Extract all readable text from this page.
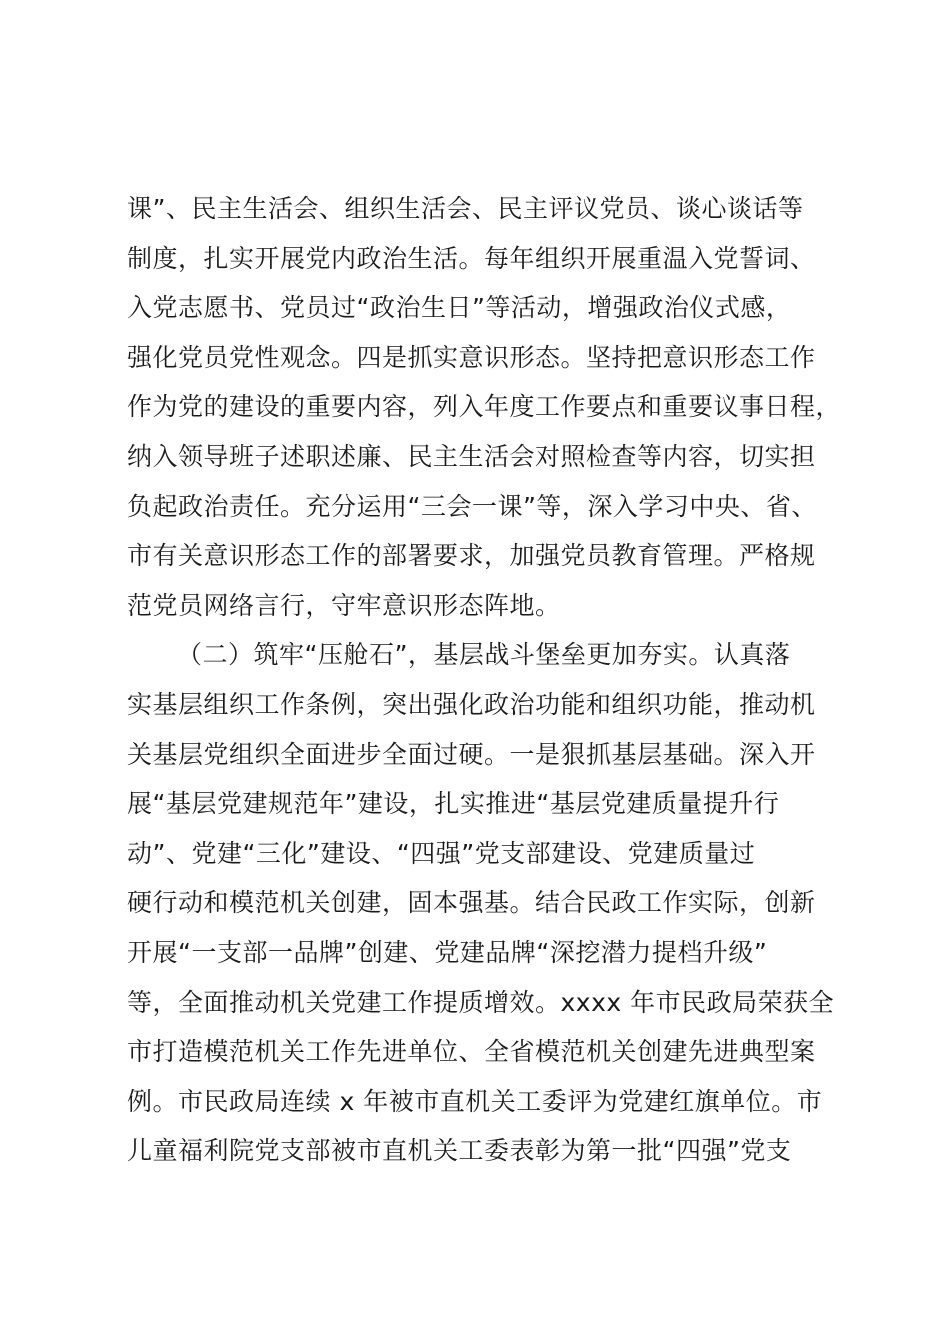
课”、民主生活会、组织生活会、民主评议党员、谈心谈话等
制度，扎实开展党内政治生活。每年组织开展重温入党誓词、
入党志愿书、党员过“政治生日”等活动，增强政治仪式感，
强化党员党性观念。四是抓实意识形态。坚持把意识形态工作
作为党的建设的重要内容，列入年度工作要点和重要议事日程，
纳入领导班子述职述廉、民主生活会对照检查等内容，切实担
负起政治责任。充分运用“三会一课”等，深入学习中央、省、
市有关意识形态工作的部署要求，加强党员教育管理。严格规
范党员网络言行，守牢意识形态阵地。
（二）筑牢“压舱石”，基层战斗堡垒更加夯实。认真落
实基层组织工作条例，突出强化政治功能和组织功能，推动机
关基层党组织全面进步全面过硬。一是狠抓基层基础。深入开
展“基层党建规范年”建设，扎实推进“基层党建质量提升行
动”、党建“三化”建设、“四强”党支部建设、党建质量过
硬行动和模范机关创建，固本强基。结合民政工作实际，创新
开展“一支部一品牌”创建、党建品牌“深挖潜力提档升级”
等，全面推动机关党建工作提质增效。xxxx 年市民政局荣获全
市打造模范机关工作先进单位、全省模范机关创建先进典型案
例。市民政局连续 x 年被市直机关工委评为党建红旗单位。市
儿童福利院党支部被市直机关工委表彰为第一批“四强”党支
